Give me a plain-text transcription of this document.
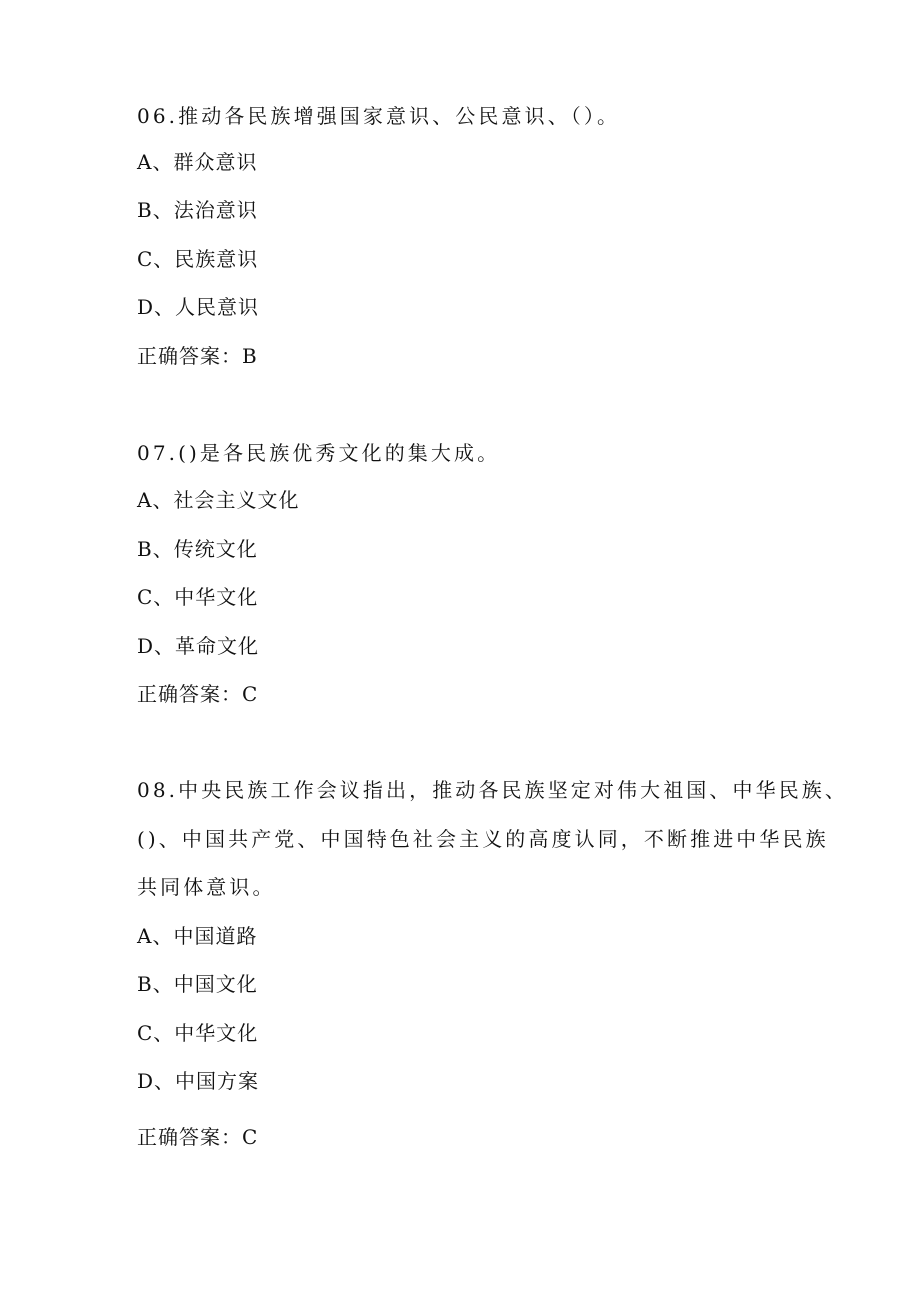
06.推动各民族增强国家意识、公民意识、（）。
A、群众意识
B、法治意识
C、民族意识
D、人民意识
正确答案：B
07.()是各民族优秀文化的集大成。
A、社会主义文化
B、传统文化
C、中华文化
D、革命文化
正确答案：C
08.中央民族工作会议指出，推动各民族坚定对伟大祖国、中华民族、
()、中国共产党、中国特色社会主义的高度认同，不断推进中华民族
共同体意识。
A、中国道路
B、中国文化
C、中华文化
D、中国方案
正确答案：C
